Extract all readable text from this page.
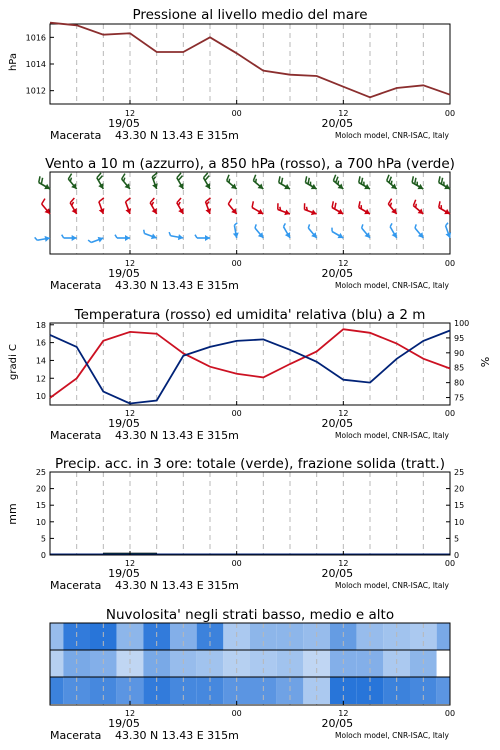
Pressione al livello medio del mare
hPa
1012
1014
1016
12	00	12	00
19/05	20/05
Macerata 43.30 N 13.43 E 315m	Moloch model, CNR-ISAC, Italy
Vento a 10 m (azzurro), a 850 hPa (rosso), a 700 hPa (verde)
12	00	12	00
19/05	20/05
Macerata 43.30 N 13.43 E 315m	Moloch model, CNR-ISAC, Italy
Temperatura (rosso) ed umidita' relativa (blu) a 2 m
gradi C	%
10
12
14
16
18
75
80
85
90
95
100
12	00	12	00
19/05	20/05
Macerata 43.30 N 13.43 E 315m	Moloch model, CNR-ISAC, Italy
Precip. acc. in 3 ore: totale (verde), frazione solida (tratt.)
mm
0
5
10
15
20
25
0
5
10
15
20
25
12	00	12	00
19/05	20/05
Macerata 43.30 N 13.43 E 315m	Moloch model, CNR-ISAC, Italy
Nuvolosita' negli strati basso, medio e alto
12	00	12	00
19/05	20/05
Macerata 43.30 N 13.43 E 315m	Moloch model, CNR-ISAC, Italy
